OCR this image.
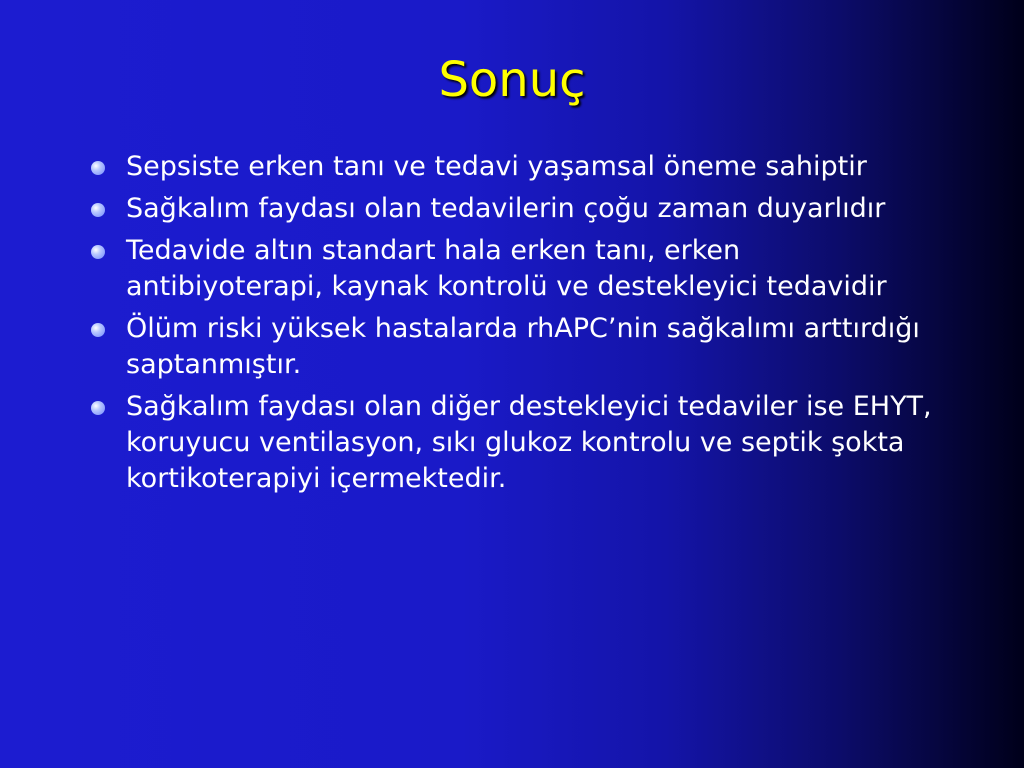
Sonuç
Sepsiste erken tanı ve tedavi yaşamsal öneme sahiptir
Sağkalım faydası olan tedavilerin çoğu zaman duyarlıdır
Tedavide altın standart hala erken tanı, erken antibiyoterapi, kaynak kontrolü ve destekleyici tedavidir
Ölüm riski yüksek hastalarda rhAPC’nin sağkalımı arttırdığı saptanmıştır.
Sağkalım faydası olan diğer destekleyici tedaviler ise EHYT, koruyucu ventilasyon, sıkı glukoz kontrolu ve septik şokta kortikoterapiyi içermektedir.
